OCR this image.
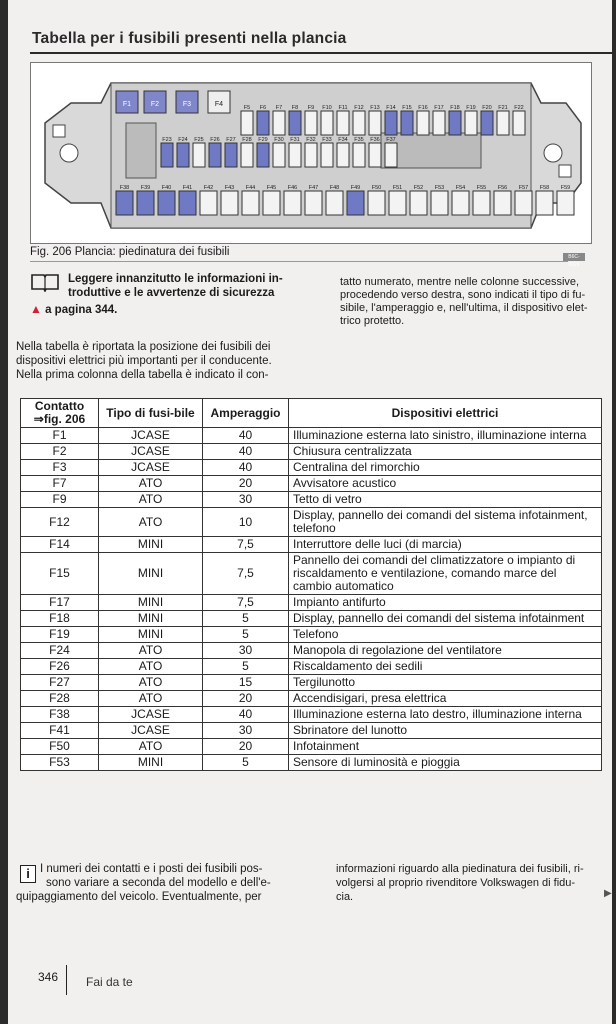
Tabella per i fusibili presenti nella plancia
F1	F2	F3	F4	F5 F6 F7 F8 F9 F10 F11 F12 F13 F14 F15 F16 F17 F18 F19 F20 F21 F22
F23 F24 F25 F26 F27 F28 F29 F30 F31 F32 F33 F34 F35 F36 F37
F38 F39 F40 F41 F42 F43 F44 F45 F46 F47 F48 F49 F50 F51 F52 F53 F54 F55 F56 F57 F58 F59
Fig. 206 Plancia: piedinatura dei fusibili	B6C-0029
Leggere innanzitutto le informazioni in-
troduttive e le avvertenze di sicurezza
▲ a pagina 344.
tatto numerato, mentre nelle colonne successive,
procedendo verso destra, sono indicati il tipo di fu-
sibile, l'amperaggio e, nell'ultima, il dispositivo elet-
trico protetto.
Nella tabella è riportata la posizione dei fusibili dei
dispositivi elettrici più importanti per il conducente.
Nella prima colonna della tabella è indicato il con-
Contatto ⇒fig. 206	Tipo di fusi-bile	Amperaggio	Dispositivi elettrici
F1	JCASE	40	Illuminazione esterna lato sinistro, illuminazione interna
F2	JCASE	40	Chiusura centralizzata
F3	JCASE	40	Centralina del rimorchio
F7	ATO	20	Avvisatore acustico
F9	ATO	30	Tetto di vetro
F12	ATO	10	Display, pannello dei comandi del sistema infotainment, telefono
F14	MINI	7,5	Interruttore delle luci (di marcia)
F15	MINI	7,5	Pannello dei comandi del climatizzatore o impianto di riscaldamento e ventilazione, comando marce del cambio automatico
F17	MINI	7,5	Impianto antifurto
F18	MINI	5	Display, pannello dei comandi del sistema infotainment
F19	MINI	5	Telefono
F24	ATO	30	Manopola di regolazione del ventilatore
F26	ATO	5	Riscaldamento dei sedili
F27	ATO	15	Tergilunotto
F28	ATO	20	Accendisigari, presa elettrica
F38	JCASE	40	Illuminazione esterna lato destro, illuminazione interna
F41	JCASE	30	Sbrinatore del lunotto
F50	ATO	20	Infotainment
F53	MINI	5	Sensore di luminosità e pioggia
i I numeri dei contatti e i posti dei fusibili pos-
sono variare a seconda del modello e dell'e-
quipaggiamento del veicolo. Eventualmente, per
informazioni riguardo alla piedinatura dei fusibili, ri-
volgersi al proprio rivenditore Volkswagen di fidu-
cia.	▶
346 Fai da te
